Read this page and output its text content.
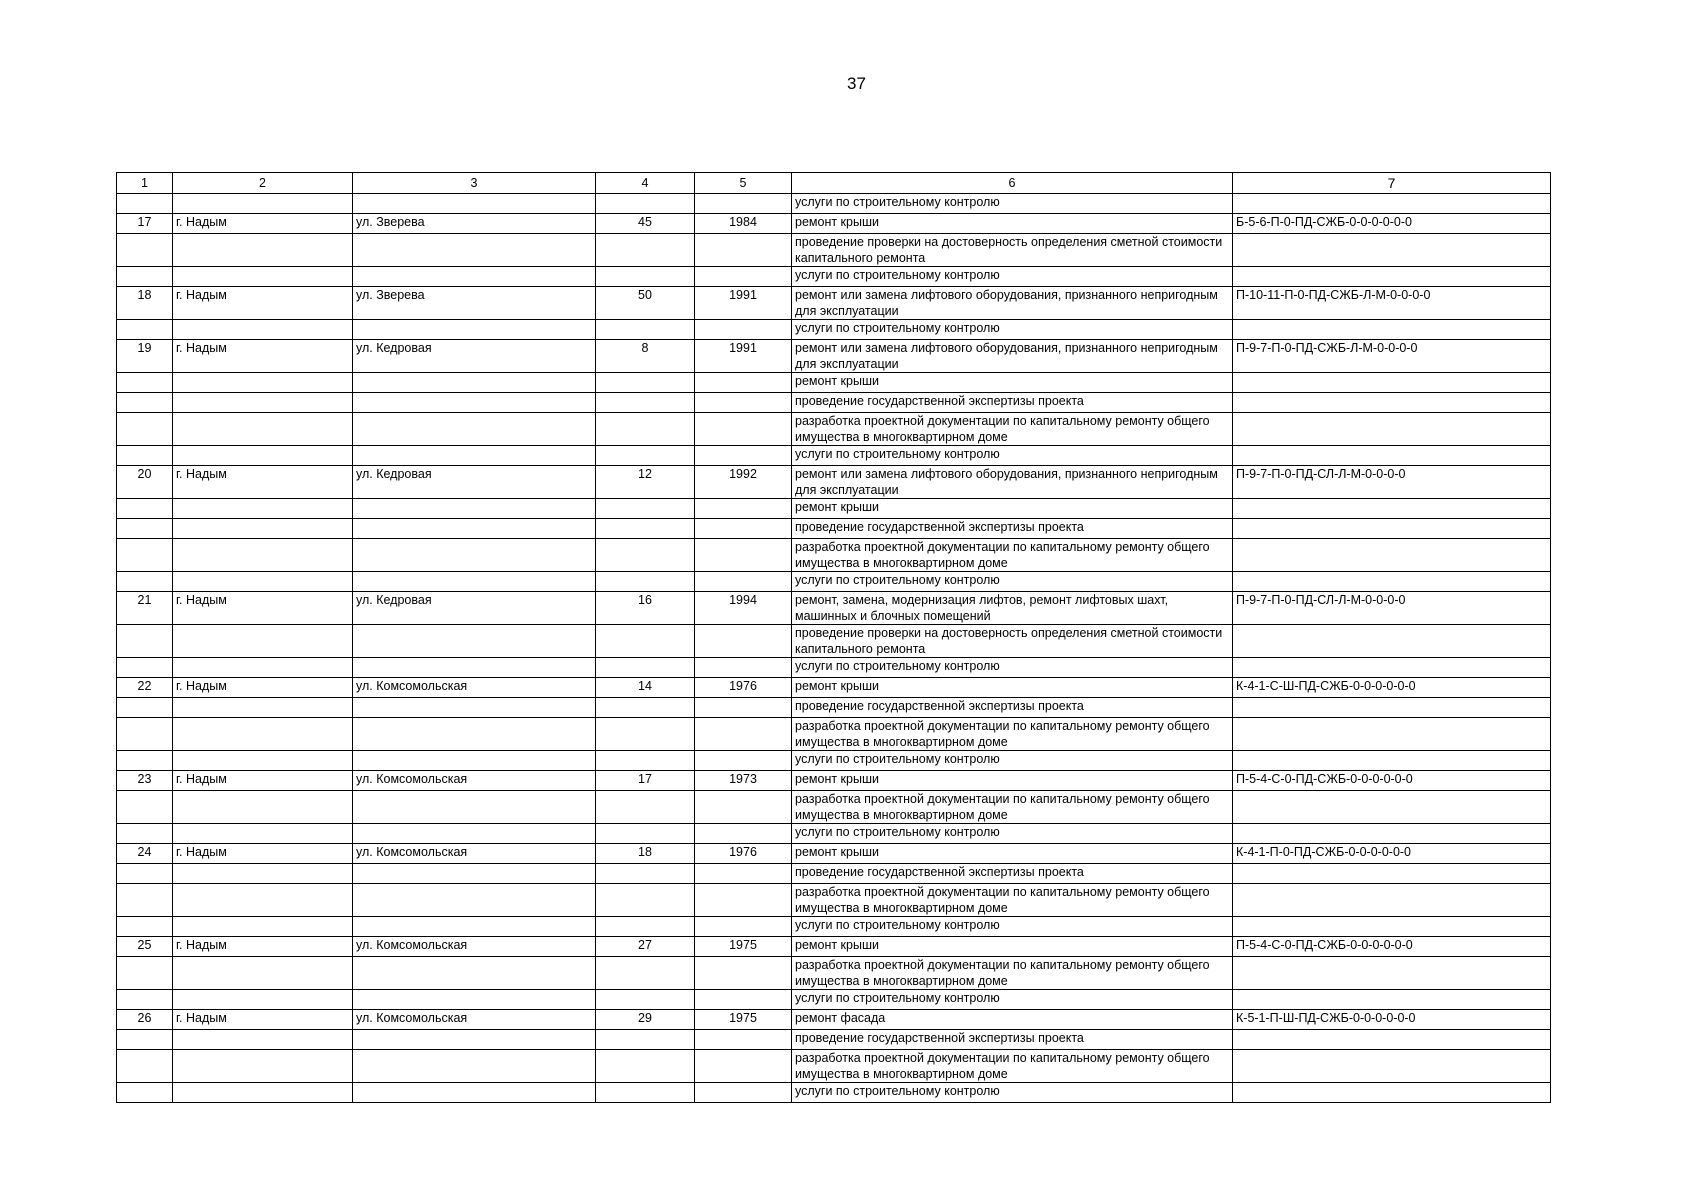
37
1	2	3	4	5	6	7
					услуги по строительному контролю	
17	г. Надым	ул. Зверева	45	1984	ремонт крыши	Б-5-6-П-0-ПД-СЖБ-0-0-0-0-0-0
					проведение проверки на достоверность определения сметной стоимости капитального ремонта	
					услуги по строительному контролю	
18	г. Надым	ул. Зверева	50	1991	ремонт или замена лифтового оборудования, признанного непригодным для эксплуатации	П-10-11-П-0-ПД-СЖБ-Л-М-0-0-0-0
					услуги по строительному контролю	
19	г. Надым	ул. Кедровая	8	1991	ремонт или замена лифтового оборудования, признанного непригодным для эксплуатации	П-9-7-П-0-ПД-СЖБ-Л-М-0-0-0-0
					ремонт крыши	
					проведение государственной экспертизы проекта	
					разработка проектной документации по капитальному ремонту общего имущества в многоквартирном доме	
					услуги по строительному контролю	
20	г. Надым	ул. Кедровая	12	1992	ремонт или замена лифтового оборудования, признанного непригодным для эксплуатации	П-9-7-П-0-ПД-СЛ-Л-М-0-0-0-0
					ремонт крыши	
					проведение государственной экспертизы проекта	
					разработка проектной документации по капитальному ремонту общего имущества в многоквартирном доме	
					услуги по строительному контролю	
21	г. Надым	ул. Кедровая	16	1994	ремонт, замена, модернизация лифтов, ремонт лифтовых шахт, машинных и блочных помещений	П-9-7-П-0-ПД-СЛ-Л-М-0-0-0-0
					проведение проверки на достоверность определения сметной стоимости капитального ремонта	
					услуги по строительному контролю	
22	г. Надым	ул. Комсомольская	14	1976	ремонт крыши	К-4-1-С-Ш-ПД-СЖБ-0-0-0-0-0-0
					проведение государственной экспертизы проекта	
					разработка проектной документации по капитальному ремонту общего имущества в многоквартирном доме	
					услуги по строительному контролю	
23	г. Надым	ул. Комсомольская	17	1973	ремонт крыши	П-5-4-С-0-ПД-СЖБ-0-0-0-0-0-0
					разработка проектной документации по капитальному ремонту общего имущества в многоквартирном доме	
					услуги по строительному контролю	
24	г. Надым	ул. Комсомольская	18	1976	ремонт крыши	К-4-1-П-0-ПД-СЖБ-0-0-0-0-0-0
					проведение государственной экспертизы проекта	
					разработка проектной документации по капитальному ремонту общего имущества в многоквартирном доме	
					услуги по строительному контролю	
25	г. Надым	ул. Комсомольская	27	1975	ремонт крыши	П-5-4-С-0-ПД-СЖБ-0-0-0-0-0-0
					разработка проектной документации по капитальному ремонту общего имущества в многоквартирном доме	
					услуги по строительному контролю	
26	г. Надым	ул. Комсомольская	29	1975	ремонт фасада	К-5-1-П-Ш-ПД-СЖБ-0-0-0-0-0-0
					проведение государственной экспертизы проекта	
					разработка проектной документации по капитальному ремонту общего имущества в многоквартирном доме	
					услуги по строительному контролю	
